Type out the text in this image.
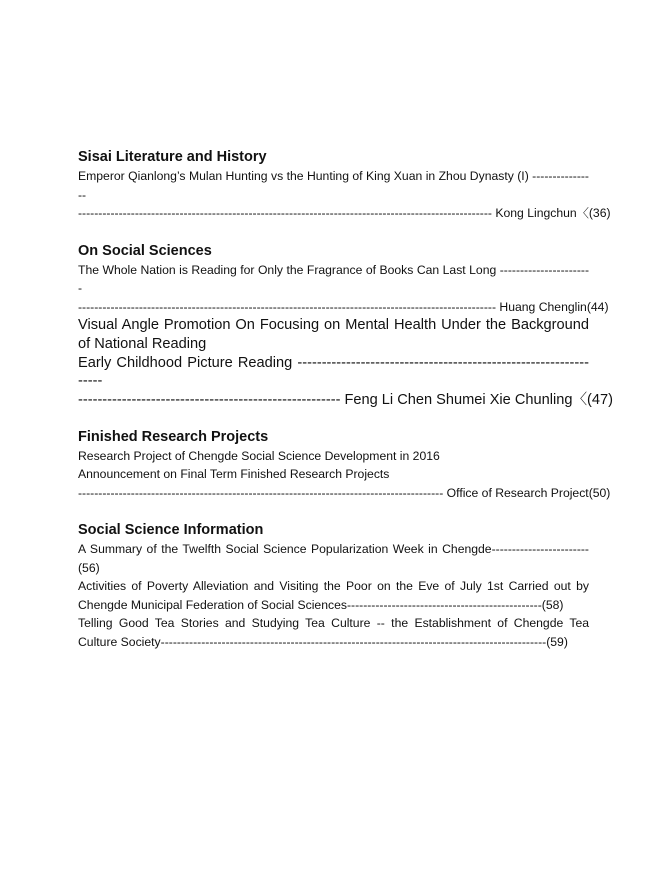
Sisai Literature and History
Emperor Qianlong’s Mulan Hunting vs the Hunting of King Xuan in Zhou Dynasty (I) ----------------
------------------------------------------------------------------------------------------------------ Kong Lingchun〈(36)
On Social Sciences
The Whole Nation is Reading for Only the Fragrance of Books Can Last Long -----------------------
------------------------------------------------------------------------------------------------------- Huang Chenglin(44)
Visual Angle Promotion On Focusing on Mental Health Under the Background of National Reading
Early Childhood Picture Reading -----------------------------------------------------------------
------------------------------------------------------ Feng Li Chen Shumei Xie Chunling〈(47)
Finished Research Projects
Research Project of Chengde Social Science Development in 2016
Announcement on Final Term Finished Research Projects
------------------------------------------------------------------------------------------ Office of Research Project(50)
Social Science Information
A Summary of the Twelfth Social Science Popularization Week in Chengde------------------------(56)
Activities of Poverty Alleviation and Visiting the Poor on the Eve of July 1st Carried out by Chengde Municipal Federation of Social Sciences------------------------------------------------(58)
Telling Good Tea Stories and Studying Tea Culture -- the Establishment of Chengde Tea Culture Society-----------------------------------------------------------------------------------------------(59)
